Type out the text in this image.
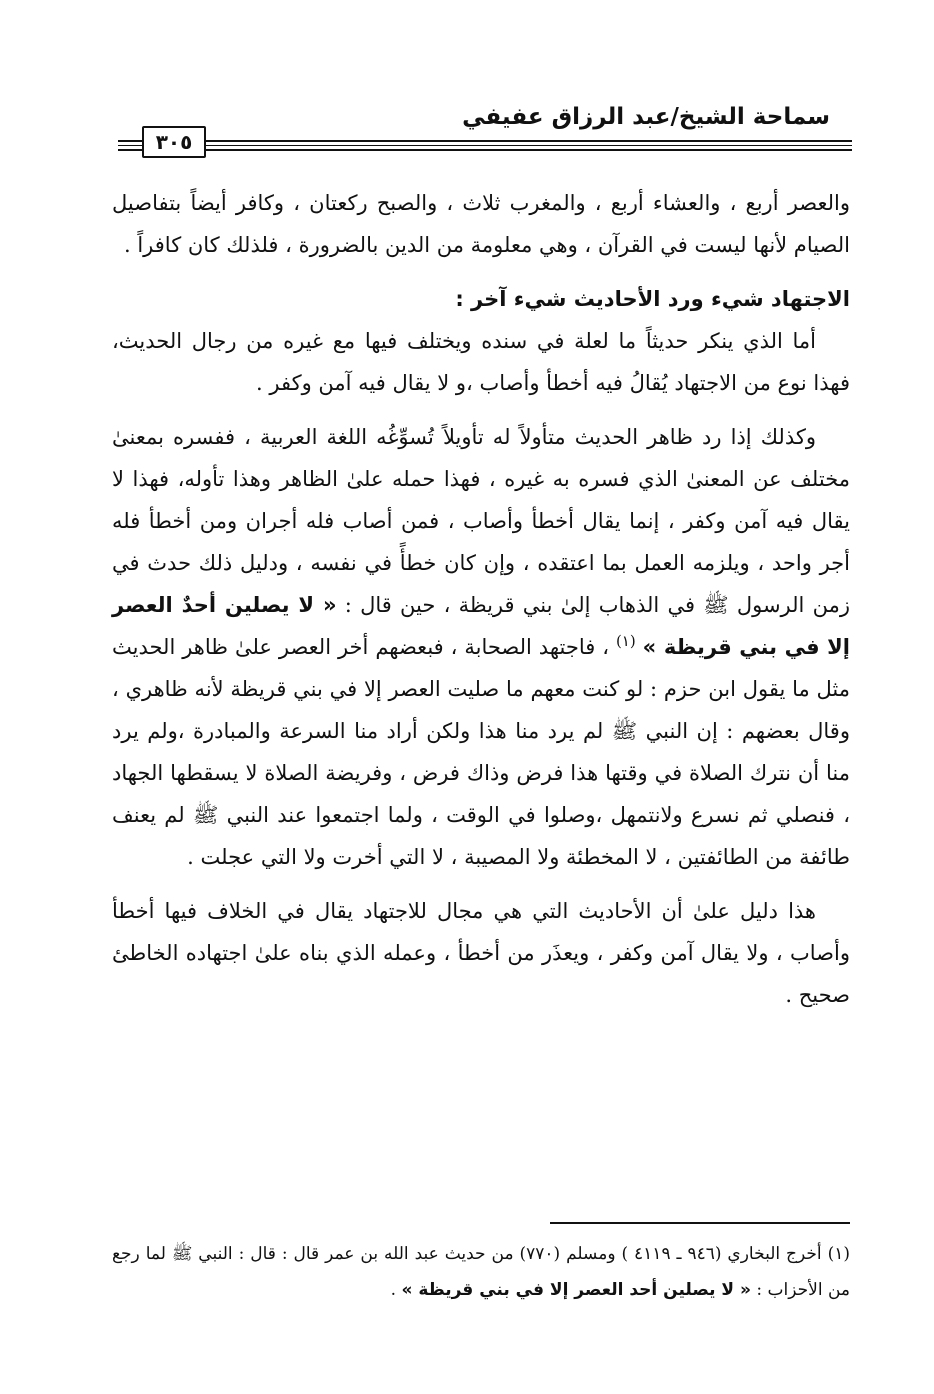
سماحة الشيخ/عبد الرزاق عفيفي
٣٠٥

والعصر أربع ، والعشاء أربع ، والمغرب ثلاث ، والصبح ركعتان ، وكافر أيضاً بتفاصيل الصيام لأنها ليست في القرآن ، وهي معلومة من الدين بالضرورة ، فلذلك كان كافراً .

الاجتهاد شيء ورد الأحاديث شيء آخر :

أما الذي ينكر حديثاً ما لعلة في سنده ويختلف فيها مع غيره من رجال الحديث، فهذا نوع من الاجتهاد يُقالُ فيه أخطأ وأصاب ،و لا يقال فيه آمن وكفر .

وكذلك إذا رد ظاهر الحديث متأولاً له تأويلاً تُسوِّغُه اللغة العربية ، ففسره بمعنىٰ مختلف عن المعنىٰ الذي فسره به غيره ، فهذا حمله علىٰ الظاهر وهذا تأوله، فهذا لا يقال فيه آمن وكفر ، إنما يقال أخطأ وأصاب ، فمن أصاب فله أجران ومن أخطأ فله أجر واحد ، ويلزمه العمل بما اعتقده ، وإن كان خطأً في نفسه ، ودليل ذلك حدث في زمن الرسول ﷺ في الذهاب إلىٰ بني قريظة ، حين قال : « لا يصلين أحدٌ العصر إلا في بني قريظة » $^{(١)}$ ، فاجتهد الصحابة ، فبعضهم أخر العصر علىٰ ظاهر الحديث مثل ما يقول ابن حزم : لو كنت معهم ما صليت العصر إلا في بني قريظة لأنه ظاهري ، وقال بعضهم : إن النبي ﷺ لم يرد منا هذا ولكن أراد منا السرعة والمبادرة ،ولم يرد منا أن نترك الصلاة في وقتها هذا فرض وذاك فرض ، وفريضة الصلاة لا يسقطها الجهاد ، فنصلي ثم نسرع ولانتمهل ،وصلوا في الوقت ، ولما اجتمعوا عند النبي ﷺ لم يعنف طائفة من الطائفتين ، لا المخطئة ولا المصيبة ، لا التي أخرت ولا التي عجلت .

هذا دليل علىٰ أن الأحاديث التي هي مجال للاجتهاد يقال في الخلاف فيها أخطأ وأصاب ، ولا يقال آمن وكفر ، ويعذَر من أخطأ ، وعمله الذي بناه علىٰ اجتهاده الخاطئ صحيح .

(١) أخرج البخاري (٩٤٦ ـ ٤١١٩ ) ومسلم (٧٧٠) من حديث عبد الله بن عمر قال : قال : النبي ﷺ لما رجع من الأحزاب : « لا يصلين أحد العصر إلا في بني قريظة » .
